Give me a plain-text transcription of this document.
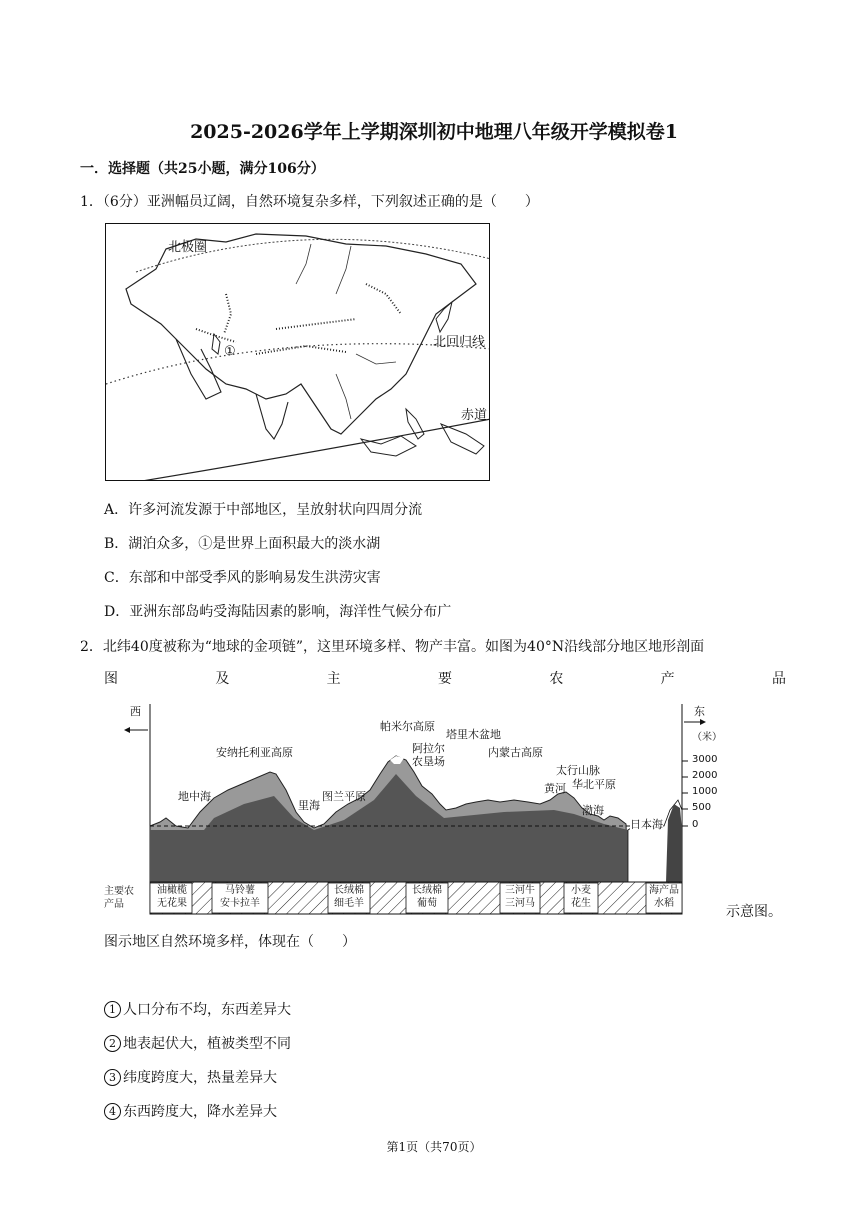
2025-2026学年上学期深圳初中地理八年级开学模拟卷1
一．选择题（共25小题，满分106分）
1．（6分）亚洲幅员辽阔，自然环境复杂多样，下列叙述正确的是（　　）
北极圈
北回归线
赤道
①
A．许多河流发源于中部地区，呈放射状向四周分流
B．湖泊众多，①是世界上面积最大的淡水湖
C．东部和中部受季风的影响易发生洪涝灾害
D．亚洲东部岛屿受海陆因素的影响，海洋性气候分布广
2．北纬40度被称为“地球的金项链”，这里环境多样、物产丰富。如图为40°N沿线部分地区地形剖面
图	及	主	要	农	产	品
西	东
（米）
3000
2000
1000
500
0
帕米尔高原
塔里木盆地
安纳托利亚高原	阿拉尔
农垦场
内蒙古高原
太行山脉
地中海
里海
图兰平原
黄河 华北平原
渤海
日本海
主要农
产品
油橄榄
无花果
马铃薯
安卡拉羊
长绒棉
细毛羊
长绒棉
葡萄
三河牛
三河马
小麦
花生
海产品
水稻
示意图。
图示地区自然环境多样，体现在（　　）
1 人口分布不均，东西差异大
2 地表起伏大，植被类型不同
3 纬度跨度大，热量差异大
4 东西跨度大，降水差异大
第1页（共70页）
